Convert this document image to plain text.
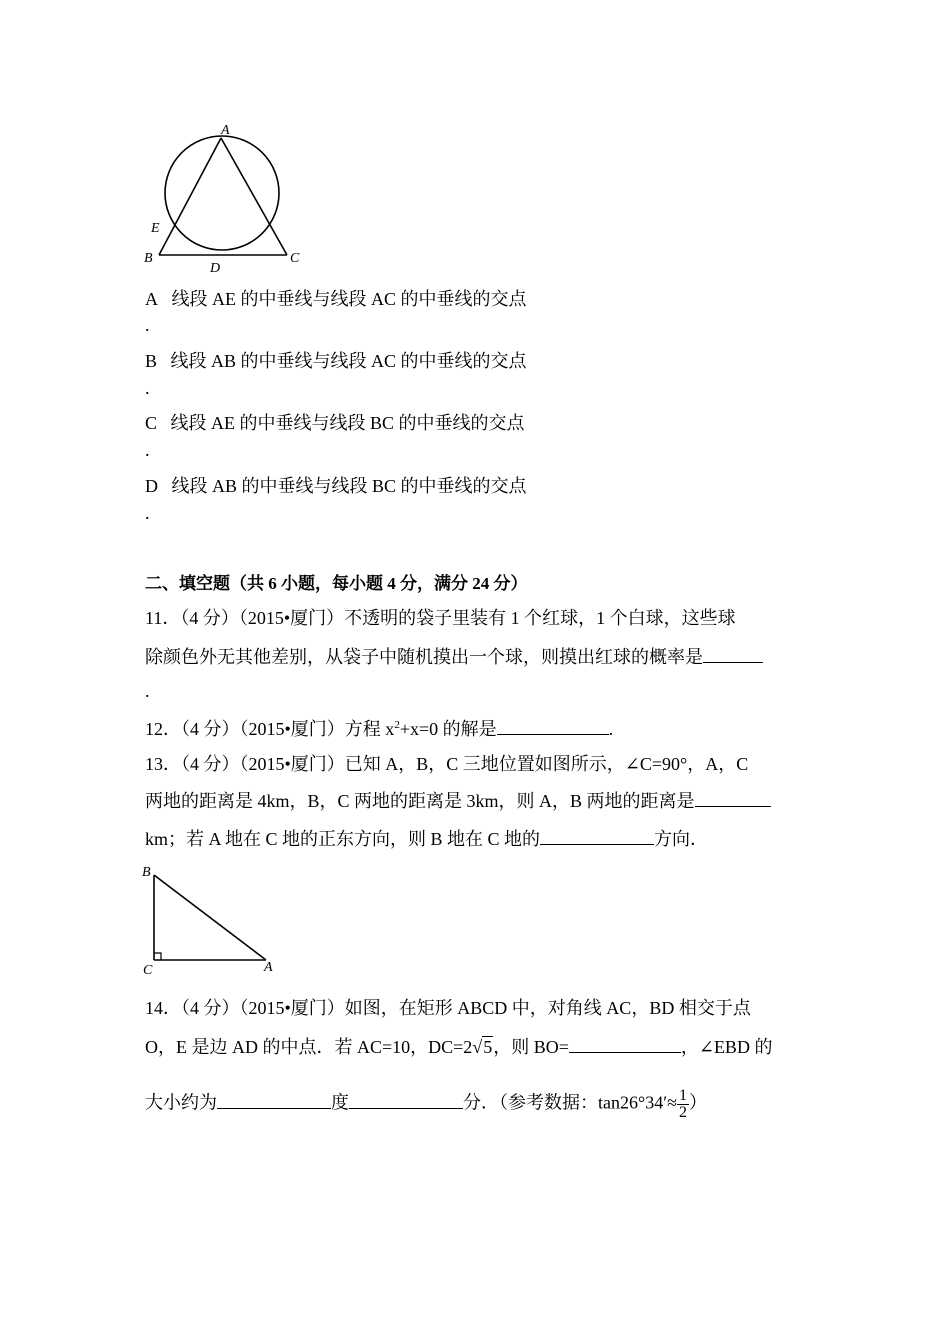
A
E
B
D
C
A 线段 AE 的中垂线与线段 AC 的中垂线的交点
.
B 线段 AB 的中垂线与线段 AC 的中垂线的交点
.
C 线段 AE 的中垂线与线段 BC 的中垂线的交点
.
D 线段 AB 的中垂线与线段 BC 的中垂线的交点
.
二、填空题（共 6 小题，每小题 4 分，满分 24 分）
11．（4 分）（2015•厦门）不透明的袋子里装有 1 个红球，1 个白球，这些球
除颜色外无其他差别，从袋子中随机摸出一个球，则摸出红球的概率是
.
12．（4 分）（2015•厦门）方程 $x^2+x=0$ 的解是	.
13．（4 分）（2015•厦门）已知 A，B，C 三地位置如图所示，∠C=90°，A，C
两地的距离是 4km，B，C 两地的距离是 3km，则 A，B 两地的距离是
km；若 A 地在 C 地的正东方向，则 B 地在 C 地的	方向．
B
C	A
14．（4 分）（2015•厦门）如图，在矩形 ABCD 中，对角线 AC，BD 相交于点
O，E 是边 AD 的中点．若 AC=10，DC=2√5，则 BO=	，∠EBD 的
大小约为	度	分．（参考数据：$\tan 26^\circ 34'\approx \frac{1}{2}$ ）
